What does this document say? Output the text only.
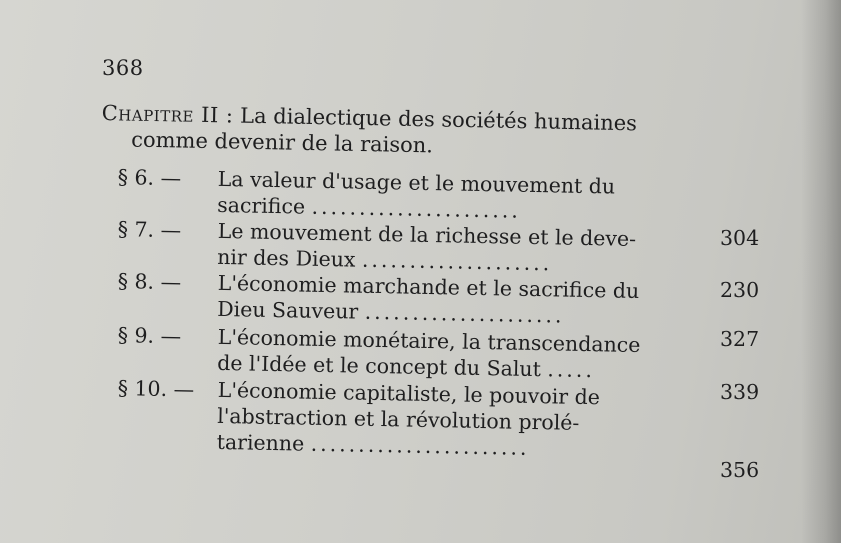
368
Chapitre II : La dialectique des sociétés humaines
comme devenir de la raison.
§ 6. — La valeur d'usage et le mouvement du
sacrifice ......................
§ 7. — Le mouvement de la richesse et le deve-
nir des Dieux ....................
304
§ 8. — L'économie marchande et le sacrifice du
Dieu Sauveur .....................
230
§ 9. — L'économie monétaire, la transcendance
de l'Idée et le concept du Salut .....
327
§ 10. — L'économie capitaliste, le pouvoir de
l'abstraction et la révolution prolé-
tarienne .......................
339
356
